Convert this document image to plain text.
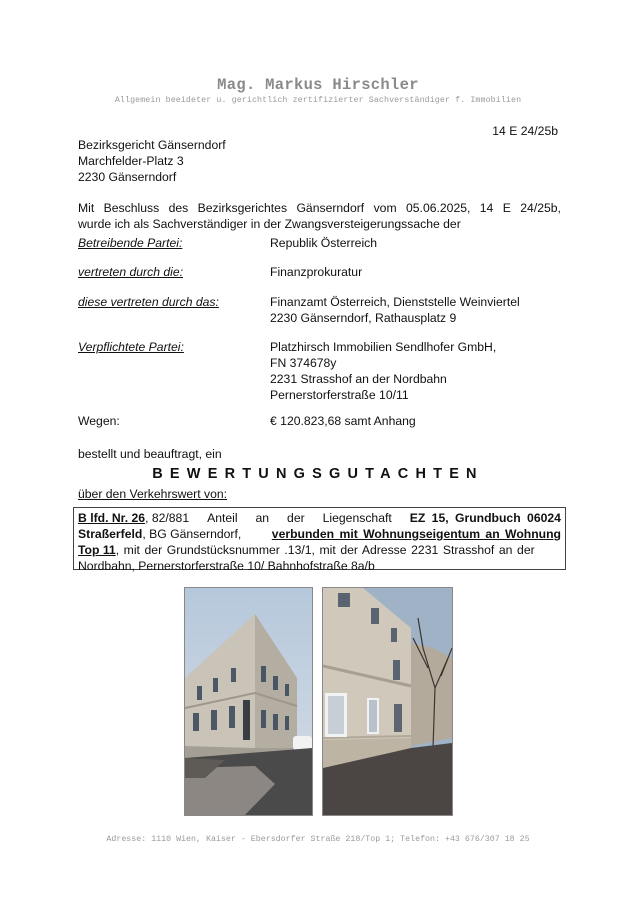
Mag. Markus Hirschler
Allgemein beeideter u. gerichtlich zertifizierter Sachverständiger f. Immobilien
14 E 24/25b
Bezirksgericht Gänserndorf
Marchfelder-Platz 3
2230 Gänserndorf
Mit Beschluss des Bezirksgerichtes Gänserndorf vom 05.06.2025, 14 E 24/25b,
wurde ich als Sachverständiger in der Zwangsversteigerungssache der
Betreibende Partei:	Republik Österreich
vertreten durch die:	Finanzprokuratur
diese vertreten durch das:	Finanzamt Österreich, Dienststelle Weinviertel
2230 Gänserndorf, Rathausplatz 9
Verpflichtete Partei:	Platzhirsch Immobilien Sendlhofer GmbH,
FN 374678y
2231 Strasshof an der Nordbahn
Pernerstorferstraße 10/11
Wegen:	€ 120.823,68 samt Anhang
bestellt und beauftragt, ein
BEWERTUNGSGUTACHTEN
über den Verkehrswert von:
B lfd. Nr. 26, 82/881 Anteil an der Liegenschaft EZ 15, Grundbuch 06024
Straßerfeld, BG Gänserndorf, verbunden mit Wohnungseigentum an Wohnung
Top 11 , mit der Grundstücksnummer .13/1, mit der Adresse 2231 Strasshof an der
Nordbahn, Pernerstorferstraße 10/ Bahnhofstraße 8a/b
Adresse: 1110 Wien, Kaiser - Ebersdorfer Straße 218/Top 1; Telefon: +43 676/307 18 25
